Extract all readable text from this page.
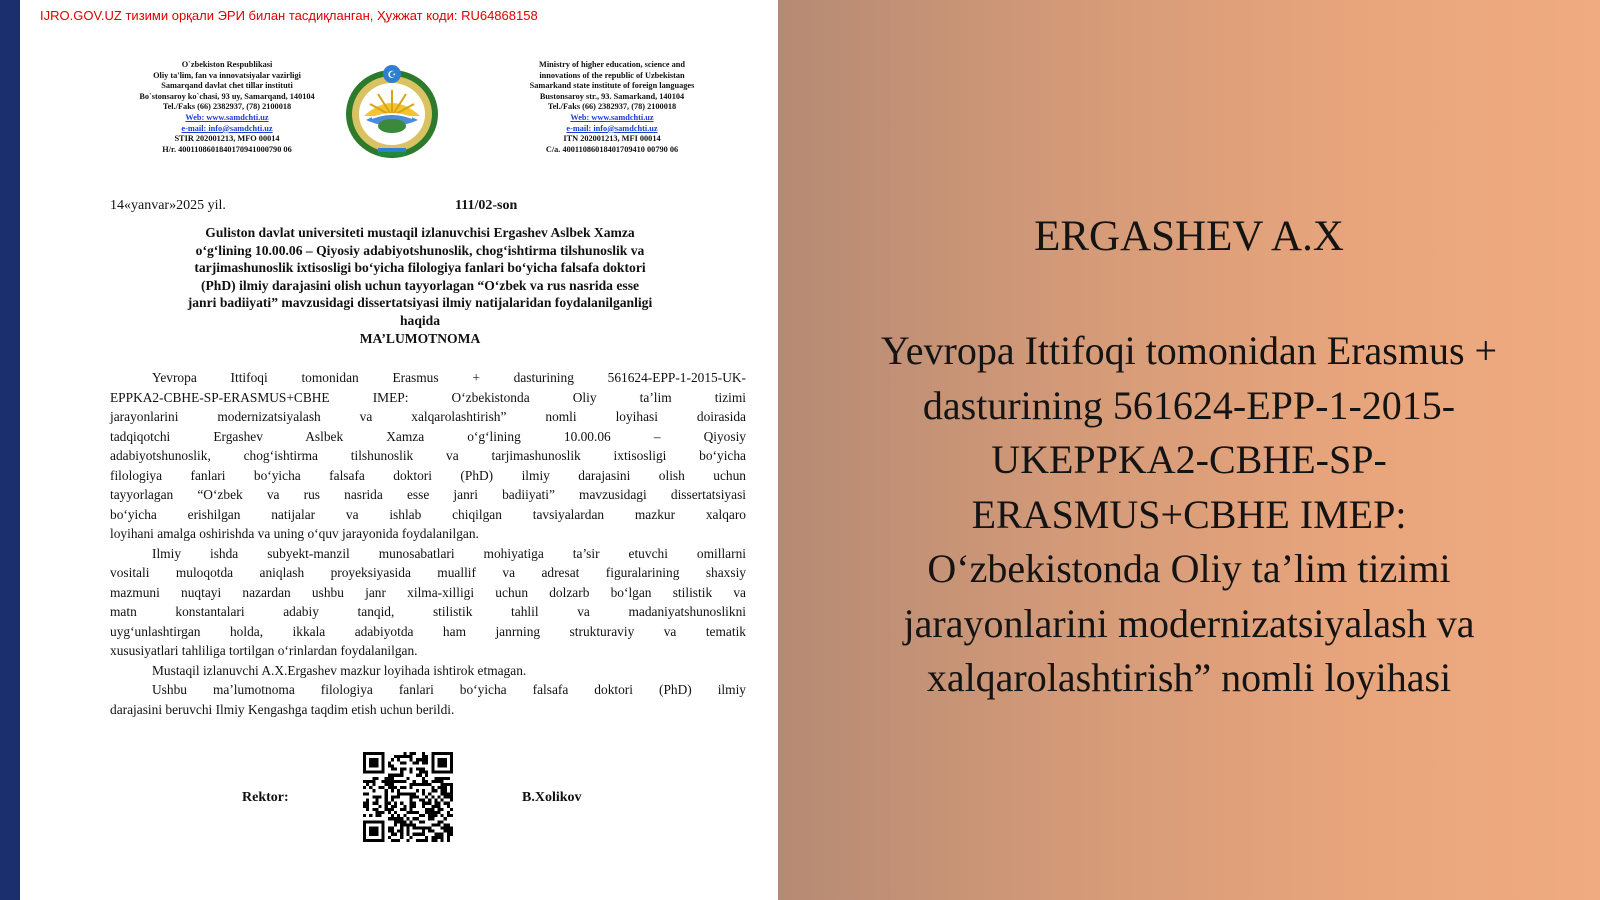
IJRO.GOV.UZ тизими орқали ЭРИ билан тасдиқланган, Ҳужжат коди: RU64868158
O`zbekiston Respublikasi
Oliy ta'lim, fan va innovatsiyalar vazirligi
Samarqand davlat chet tillar instituti
Bo`stonsaroy ko`chasi, 93 uy, Samarqand, 140104
Tel./Faks (66) 2382937, (78) 2100018
Web: www.samdchti.uz
e-mail: info@samdchti.uz
STIR 202001213, MFO 00014
H/r. 4001108601840170941000790 06
☪
Ministry of higher education, science and
innovations of the republic of Uzbekistan
Samarkand state institute of foreign languages
Bustonsaroy str., 93. Samarkand, 140104
Tel./Faks (66) 2382937, (78) 2100018
Web: www.samdchti.uz
e-mail: info@samdchti.uz
ITN 202001213, MFI 00014
C/a. 40011086018401709410 00790 06
14«yanvar»2025 yil.	111/02-son
Guliston davlat universiteti mustaqil izlanuvchisi Ergashev Aslbek Xamza
o‘g‘lining 10.00.06 – Qiyosiy adabiyotshunoslik, chog‘ishtirma tilshunoslik va
tarjimashunoslik ixtisosligi bo‘yicha filologiya fanlari bo‘yicha falsafa doktori
(PhD) ilmiy darajasini olish uchun tayyorlagan “O‘zbek va rus nasrida esse
janri badiiyati” mavzusidagi dissertatsiyasi ilmiy natijalaridan foydalanilganligi
haqida
MA’LUMOTNOMA
Yevropa Ittifoqi tomonidan Erasmus + dasturining 561624-EPP-1-2015-UK-
EPPKA2-CBHE-SP-ERASMUS+CBHE IMEP: O‘zbekistonda Oliy ta’lim tizimi
jarayonlarini modernizatsiyalash va xalqarolashtirish” nomli loyihasi doirasida
tadqiqotchi Ergashev Aslbek Xamza o‘g‘lining 10.00.06 – Qiyosiy
adabiyotshunoslik, chog‘ishtirma tilshunoslik va tarjimashunoslik ixtisosligi bo‘yicha
filologiya fanlari bo‘yicha falsafa doktori (PhD) ilmiy darajasini olish uchun
tayyorlagan “O‘zbek va rus nasrida esse janri badiiyati” mavzusidagi dissertatsiyasi
bo‘yicha erishilgan natijalar va ishlab chiqilgan tavsiyalardan mazkur xalqaro
loyihani amalga oshirishda va uning o‘quv jarayonida foydalanilgan.
Ilmiy ishda subyekt-manzil munosabatlari mohiyatiga ta’sir etuvchi omillarni
vositali muloqotda aniqlash proyeksiyasida muallif va adresat figuralarining shaxsiy
mazmuni nuqtayi nazardan ushbu janr xilma-xilligi uchun dolzarb bo‘lgan stilistik va
matn konstantalari adabiy tanqid, stilistik tahlil va madaniyatshunoslikni
uyg‘unlashtirgan holda, ikkala adabiyotda ham janrning strukturaviy va tematik
xususiyatlari tahliliga tortilgan o‘rinlardan foydalanilgan.
Mustaqil izlanuvchi A.X.Ergashev mazkur loyihada ishtirok etmagan.
Ushbu ma’lumotnoma filologiya fanlari bo‘yicha falsafa doktori (PhD) ilmiy
darajasini beruvchi Ilmiy Kengashga taqdim etish uchun berildi.
Rektor:	B.Xolikov
ERGASHEV A.X
Yevropa Ittifoqi tomonidan Erasmus +
dasturining 561624-EPP-1-2015-
UKEPPKA2-CBHE-SP-
ERASMUS+CBHE IMEP:
O‘zbekistonda Oliy ta’lim tizimi
jarayonlarini modernizatsiyalash va
xalqarolashtirish” nomli loyihasi
